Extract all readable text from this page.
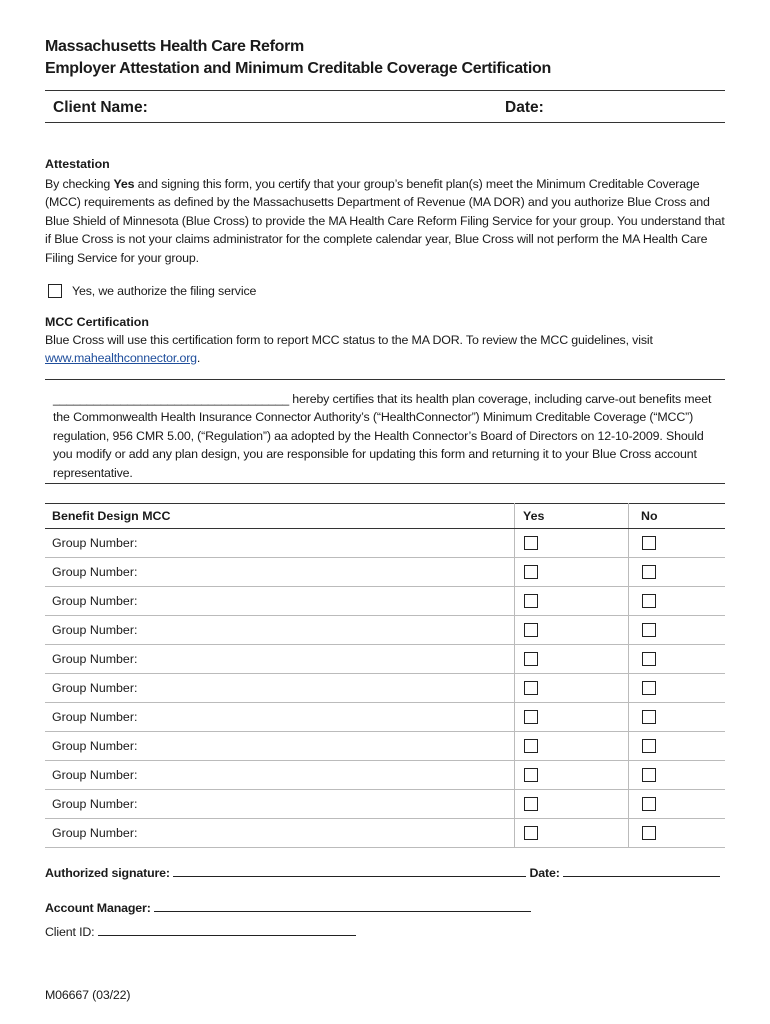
Massachusetts Health Care Reform
Employer Attestation and Minimum Creditable Coverage Certification
Client Name:	Date:
Attestation
By checking Yes and signing this form, you certify that your group’s benefit plan(s) meet the Minimum Creditable Coverage (MCC) requirements as defined by the Massachusetts Department of Revenue (MA DOR) and you authorize Blue Cross and Blue Shield of Minnesota (Blue Cross) to provide the MA Health Care Reform Filing Service for your group. You understand that if Blue Cross is not your claims administrator for the complete calendar year, Blue Cross will not perform the MA Health Care Filing Service for your group.
Yes, we authorize the filing service
MCC Certification
Blue Cross will use this certification form to report MCC status to the MA DOR. To review the MCC guidelines, visit www.mahealthconnector.org.
___________________________________ hereby certifies that its health plan coverage, including carve-out benefits meet
the Commonwealth Health Insurance Connector Authority’s (“HealthConnector”) Minimum Creditable Coverage (“MCC”) regulation, 956 CMR 5.00, (“Regulation”) aa adopted by the Health Connector’s Board of Directors on 12-10-2009. Should you modify or add any plan design, you are responsible for updating this form and returning it to your Blue Cross account representative.
Benefit Design MCC	Yes	No
Group Number:		
Group Number:		
Group Number:		
Group Number:		
Group Number:		
Group Number:		
Group Number:		
Group Number:		
Group Number:		
Group Number:		
Group Number:		
Authorized signature:	Date:
Account Manager:
Client ID:
M06667 (03/22)
